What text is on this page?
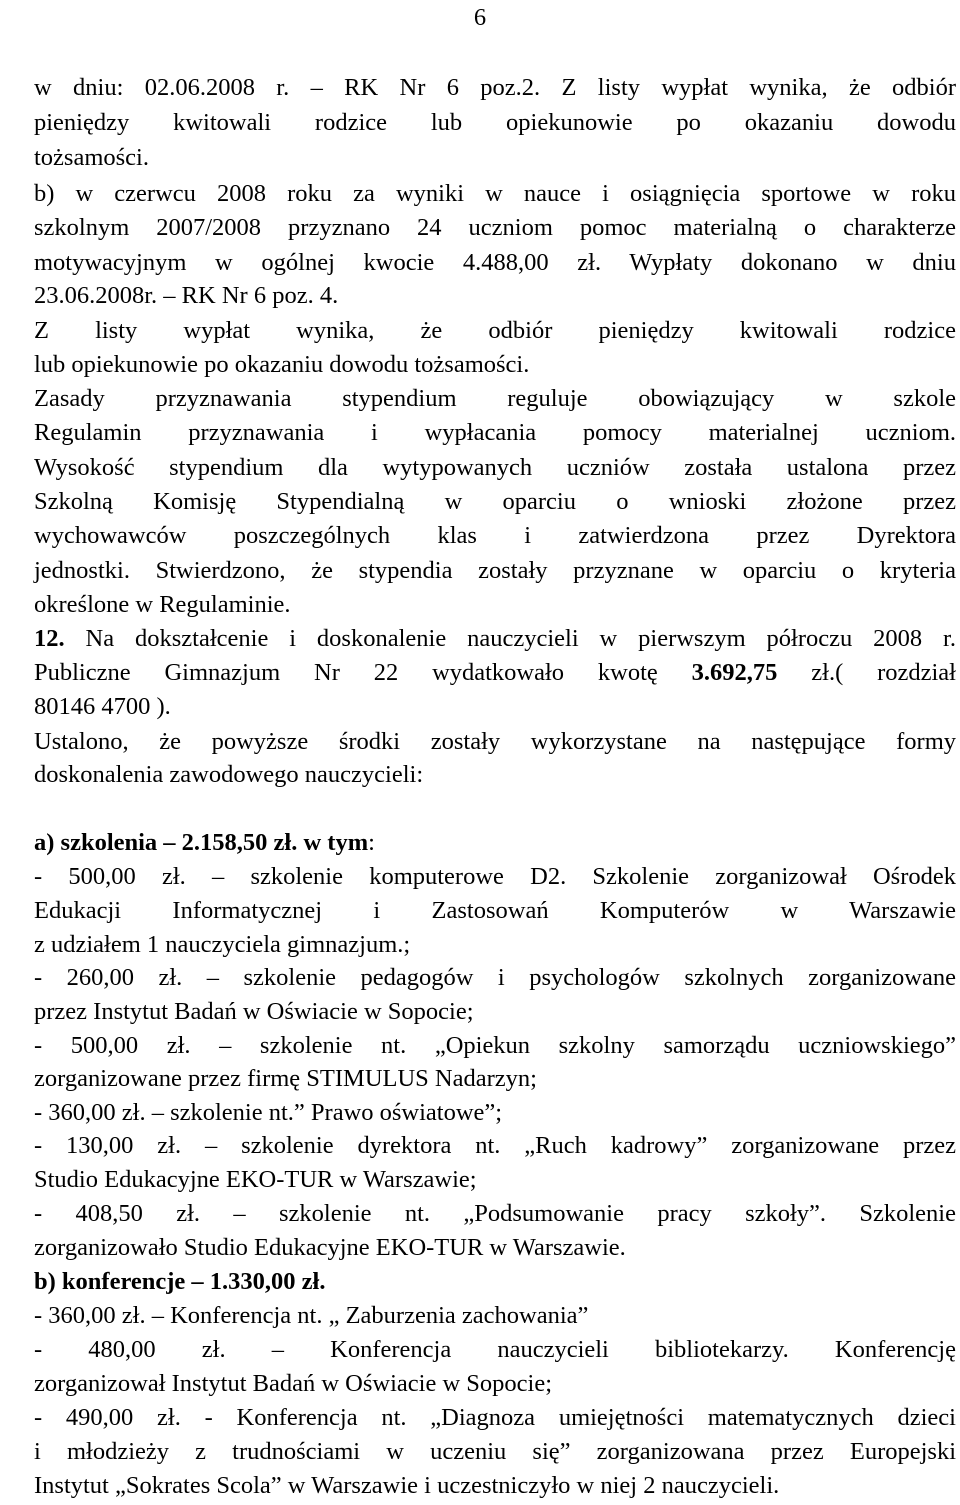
6
w dniu: 02.06.2008 r. – RK Nr 6 poz.2. Z listy wypłat wynika, że odbiór
pieniędzy kwitowali rodzice lub opiekunowie po okazaniu dowodu
tożsamości.
b) w czerwcu 2008 roku za wyniki w nauce i osiągnięcia sportowe w roku
szkolnym 2007/2008 przyznano 24 uczniom pomoc materialną o charakterze
motywacyjnym w ogólnej kwocie 4.488,00 zł. Wypłaty dokonano w dniu
23.06.2008r. – RK Nr 6 poz. 4.
Z listy wypłat wynika, że odbiór pieniędzy kwitowali rodzice
lub opiekunowie po okazaniu dowodu tożsamości.
Zasady przyznawania stypendium reguluje obowiązujący w szkole
Regulamin przyznawania i wypłacania pomocy materialnej uczniom.
Wysokość stypendium dla wytypowanych uczniów została ustalona przez
Szkolną Komisję Stypendialną w oparciu o wnioski złożone przez
wychowawców poszczególnych klas i zatwierdzona przez Dyrektora
jednostki. Stwierdzono, że stypendia zostały przyznane w oparciu o kryteria
określone w Regulaminie.
12. Na dokształcenie i doskonalenie nauczycieli w pierwszym półroczu 2008 r.
Publiczne Gimnazjum Nr 22 wydatkowało kwotę 3.692,75 zł.( rozdział
80146 4700 ).
Ustalono, że powyższe środki zostały wykorzystane na następujące formy
doskonalenia zawodowego nauczycieli:
a) szkolenia – 2.158,50 zł. w tym:
- 500,00 zł. – szkolenie komputerowe D2. Szkolenie zorganizował Ośrodek
Edukacji Informatycznej i Zastosowań Komputerów w Warszawie
z udziałem 1 nauczyciela gimnazjum.;
- 260,00 zł. – szkolenie pedagogów i psychologów szkolnych zorganizowane
przez Instytut Badań w Oświacie w Sopocie;
- 500,00 zł. – szkolenie nt. „Opiekun szkolny samorządu uczniowskiego”
zorganizowane przez firmę STIMULUS Nadarzyn;
- 360,00 zł. – szkolenie nt.” Prawo oświatowe”;
- 130,00 zł. – szkolenie dyrektora nt. „Ruch kadrowy” zorganizowane przez
Studio Edukacyjne EKO-TUR w Warszawie;
- 408,50 zł. – szkolenie nt. „Podsumowanie pracy szkoły”. Szkolenie
zorganizowało Studio Edukacyjne EKO-TUR w Warszawie.
b) konferencje – 1.330,00 zł.
- 360,00 zł. – Konferencja nt. „ Zaburzenia zachowania”
- 480,00 zł. – Konferencja nauczycieli bibliotekarzy. Konferencję
zorganizował Instytut Badań w Oświacie w Sopocie;
- 490,00 zł. - Konferencja nt. „Diagnoza umiejętności matematycznych dzieci
i młodzieży z trudnościami w uczeniu się” zorganizowana przez Europejski
Instytut „Sokrates Scola” w Warszawie i uczestniczyło w niej 2 nauczycieli.
